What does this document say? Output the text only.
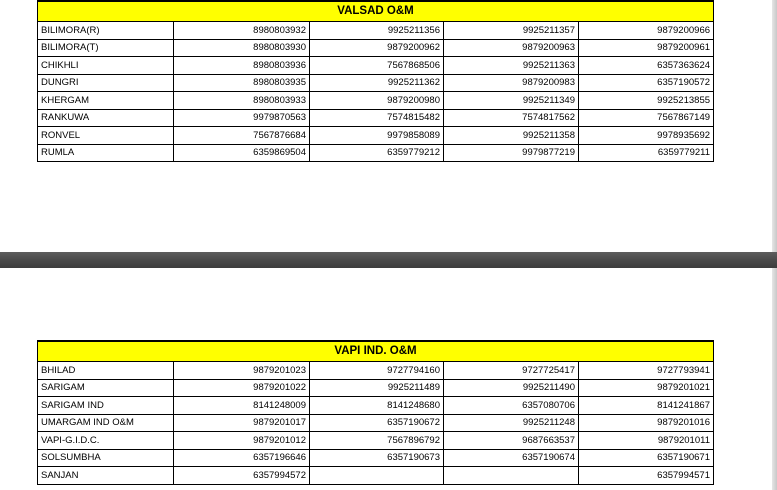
VALSAD O&M				
BILIMORA(R)	8980803932	9925211356	9925211357	9879200966
BILIMORA(T)	8980803930	9879200962	9879200963	9879200961
CHIKHLI	8980803936	7567868506	9925211363	6357363624
DUNGRI	8980803935	9925211362	9879200983	6357190572
KHERGAM	8980803933	9879200980	9925211349	9925213855
RANKUWA	9979870563	7574815482	7574817562	7567867149
RONVEL	7567876684	9979858089	9925211358	9978935692
RUMLA	6359869504	6359779212	9979877219	6359779211
VAPI IND. O&M				
BHILAD	9879201023	9727794160	9727725417	9727793941
SARIGAM	9879201022	9925211489	9925211490	9879201021
SARIGAM IND	8141248009	8141248680	6357080706	8141241867
UMARGAM IND O&M	9879201017	6357190672	9925211248	9879201016
VAPI-G.I.D.C.	9879201012	7567896792	9687663537	9879201011
SOLSUMBHA	6357196646	6357190673	6357190674	6357190671
SANJAN	6357994572			6357994571
